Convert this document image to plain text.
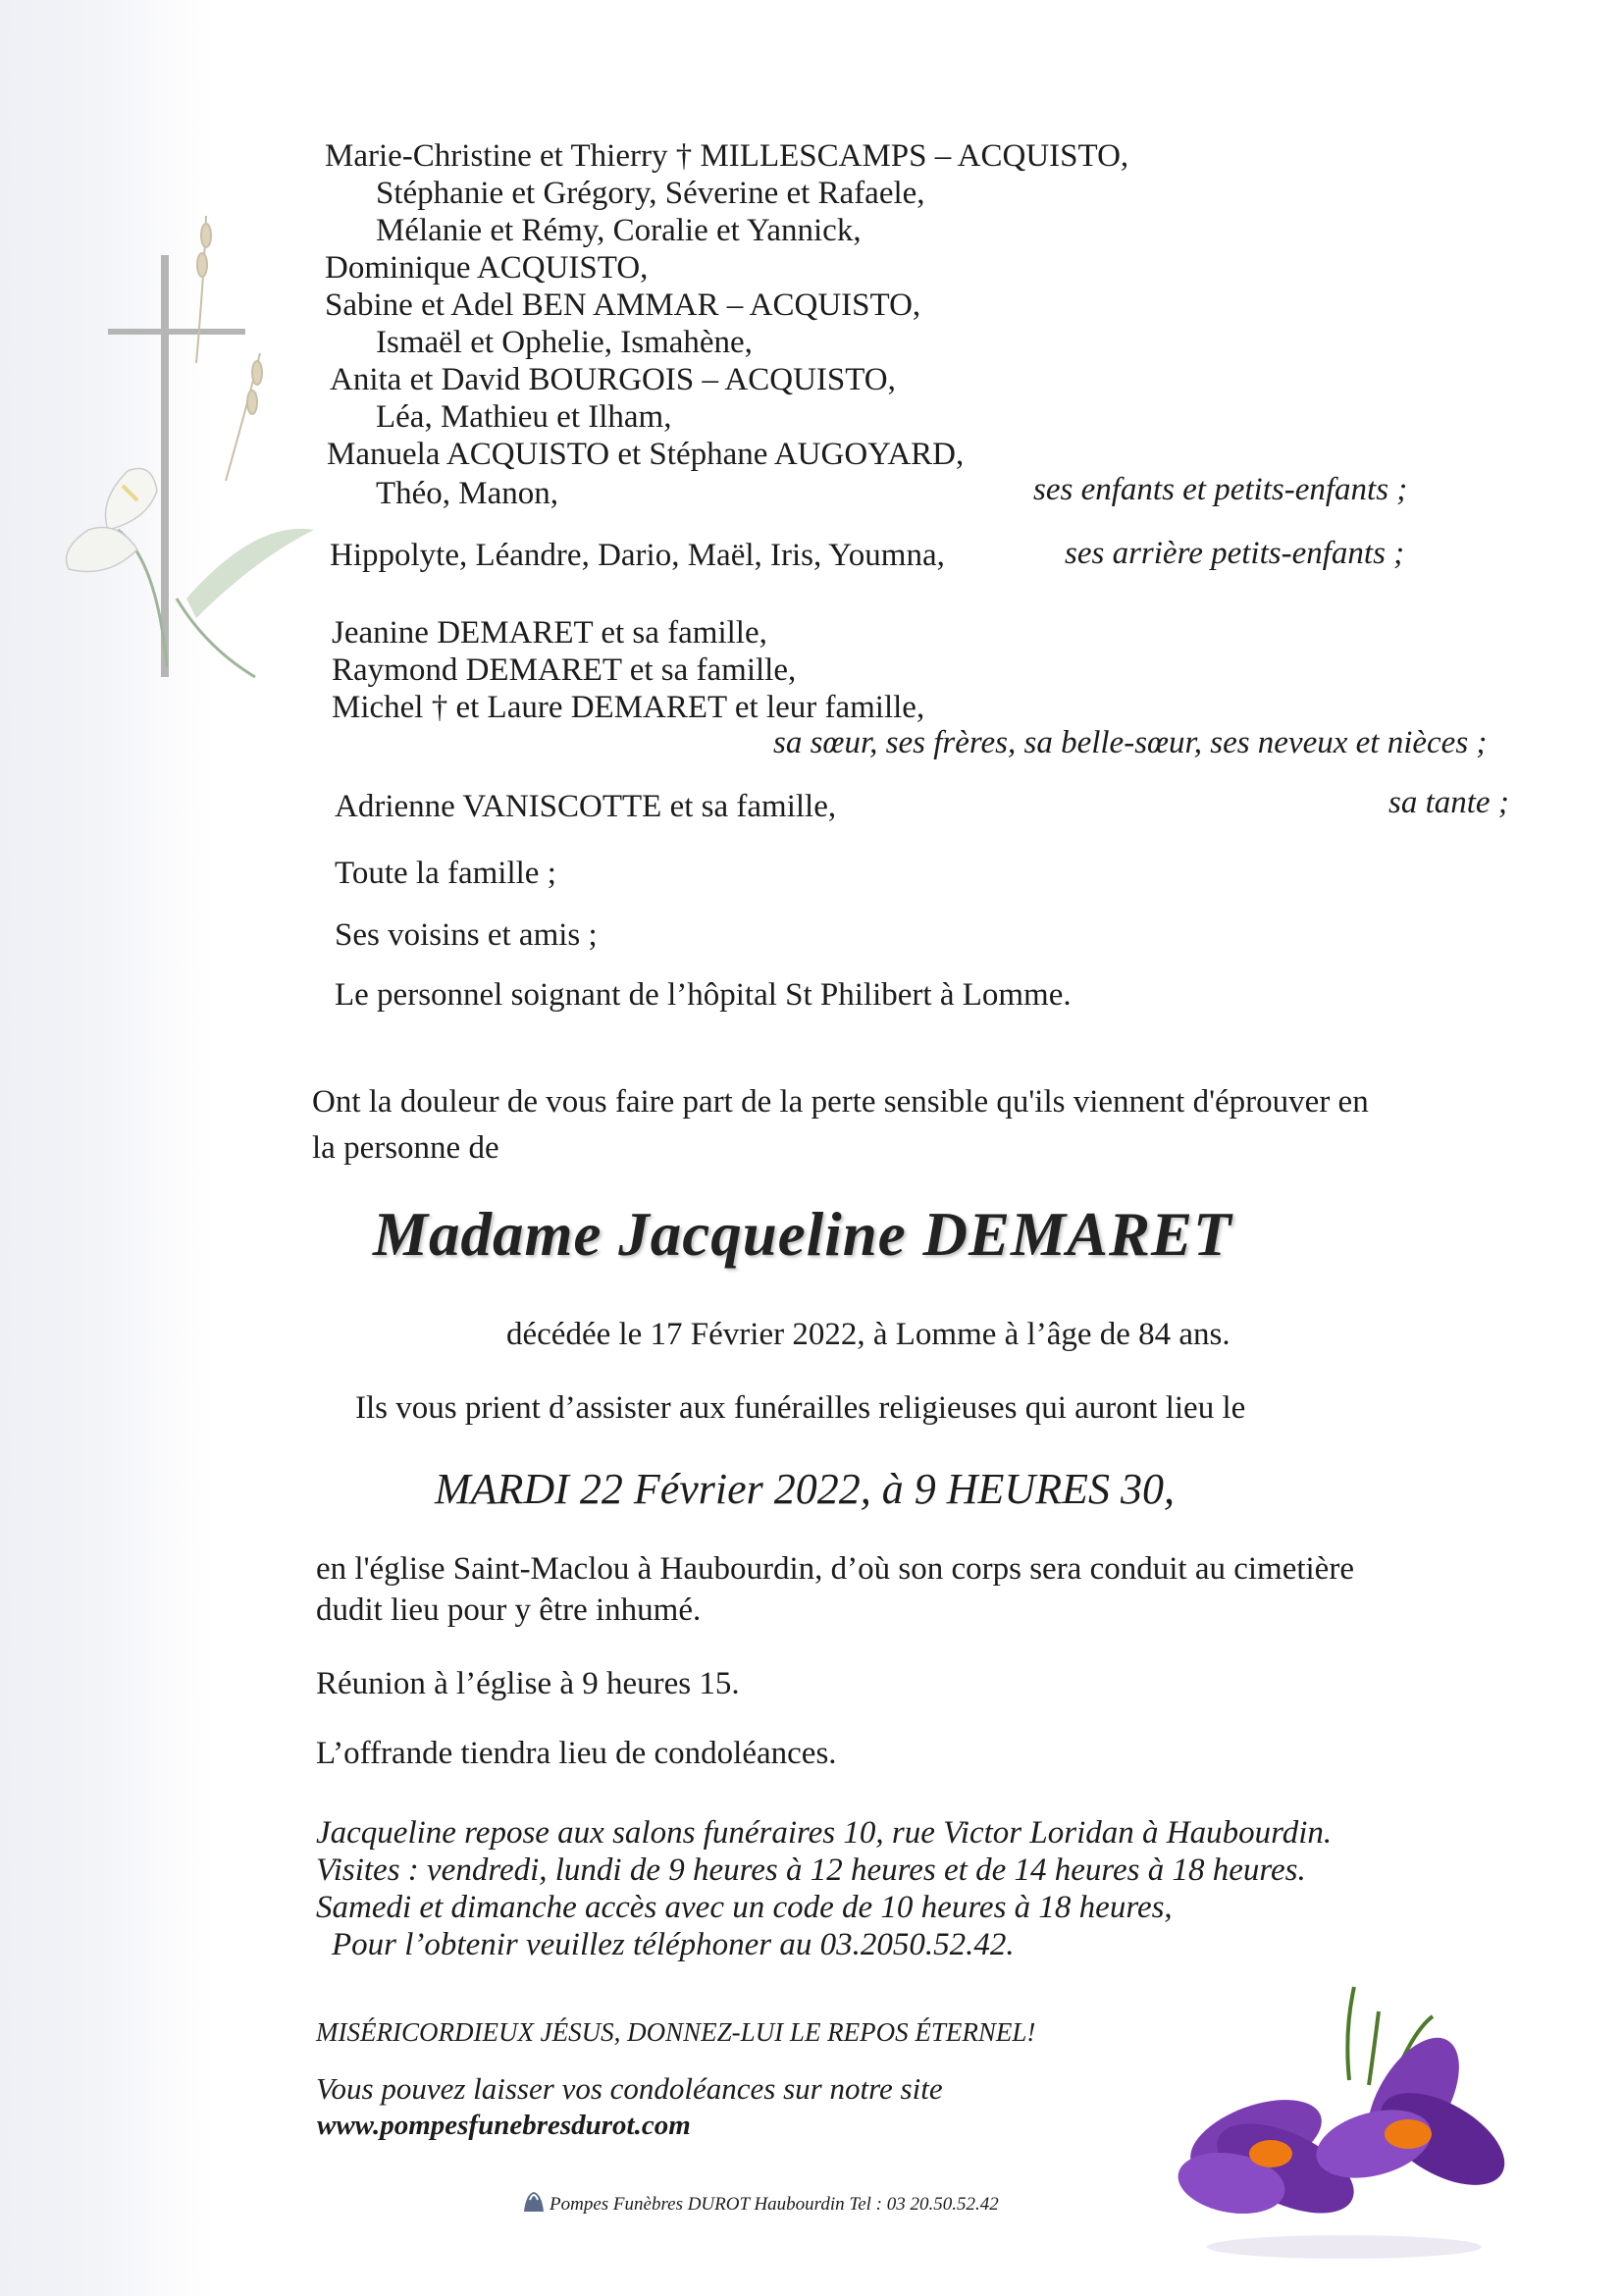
Marie-Christine et Thierry † MILLESCAMPS – ACQUISTO,
Stéphanie et Grégory, Séverine et Rafaele,
Mélanie et Rémy, Coralie et Yannick,
Dominique ACQUISTO,
Sabine et Adel BEN AMMAR – ACQUISTO,
Ismaël et Ophelie, Ismahène,
Anita et David BOURGOIS – ACQUISTO,
Léa, Mathieu et Ilham,
Manuela ACQUISTO et Stéphane AUGOYARD,
Théo, Manon,	ses enfants et petits-enfants ;
Hippolyte, Léandre, Dario, Maël, Iris, Youmna,	ses arrière petits-enfants ;
Jeanine DEMARET et sa famille,
Raymond DEMARET et sa famille,
Michel † et Laure DEMARET et leur famille,
sa sœur, ses frères, sa belle-sœur, ses neveux et nièces ;
Adrienne VANISCOTTE et sa famille,	sa tante ;
Toute la famille ;
Ses voisins et amis ;
Le personnel soignant de l’hôpital St Philibert à Lomme.
Ont la douleur de vous faire part de la perte sensible qu'ils viennent d'éprouver en
la personne de
Madame Jacqueline DEMARET
décédée le 17 Février 2022, à Lomme à l’âge de 84 ans.
Ils vous prient d’assister aux funérailles religieuses qui auront lieu le
MARDI 22 Février 2022, à 9 HEURES 30,
en l'église Saint-Maclou à Haubourdin, d’où son corps sera conduit au cimetière
dudit lieu pour y être inhumé.
Réunion à l’église à 9 heures 15.
L’offrande tiendra lieu de condoléances.
Jacqueline repose aux salons funéraires 10, rue Victor Loridan à Haubourdin.
Visites : vendredi, lundi de 9 heures à 12 heures et de 14 heures à 18 heures.
Samedi et dimanche accès avec un code de 10 heures à 18 heures,
Pour l’obtenir veuillez téléphoner au 03.2050.52.42.
MISÉRICORDIEUX JÉSUS, DONNEZ-LUI LE REPOS ÉTERNEL!
Vous pouvez laisser vos condoléances sur notre site
www.pompesfunebresdurot.com
Pompes Funèbres DUROT Haubourdin Tel : 03 20.50.52.42
